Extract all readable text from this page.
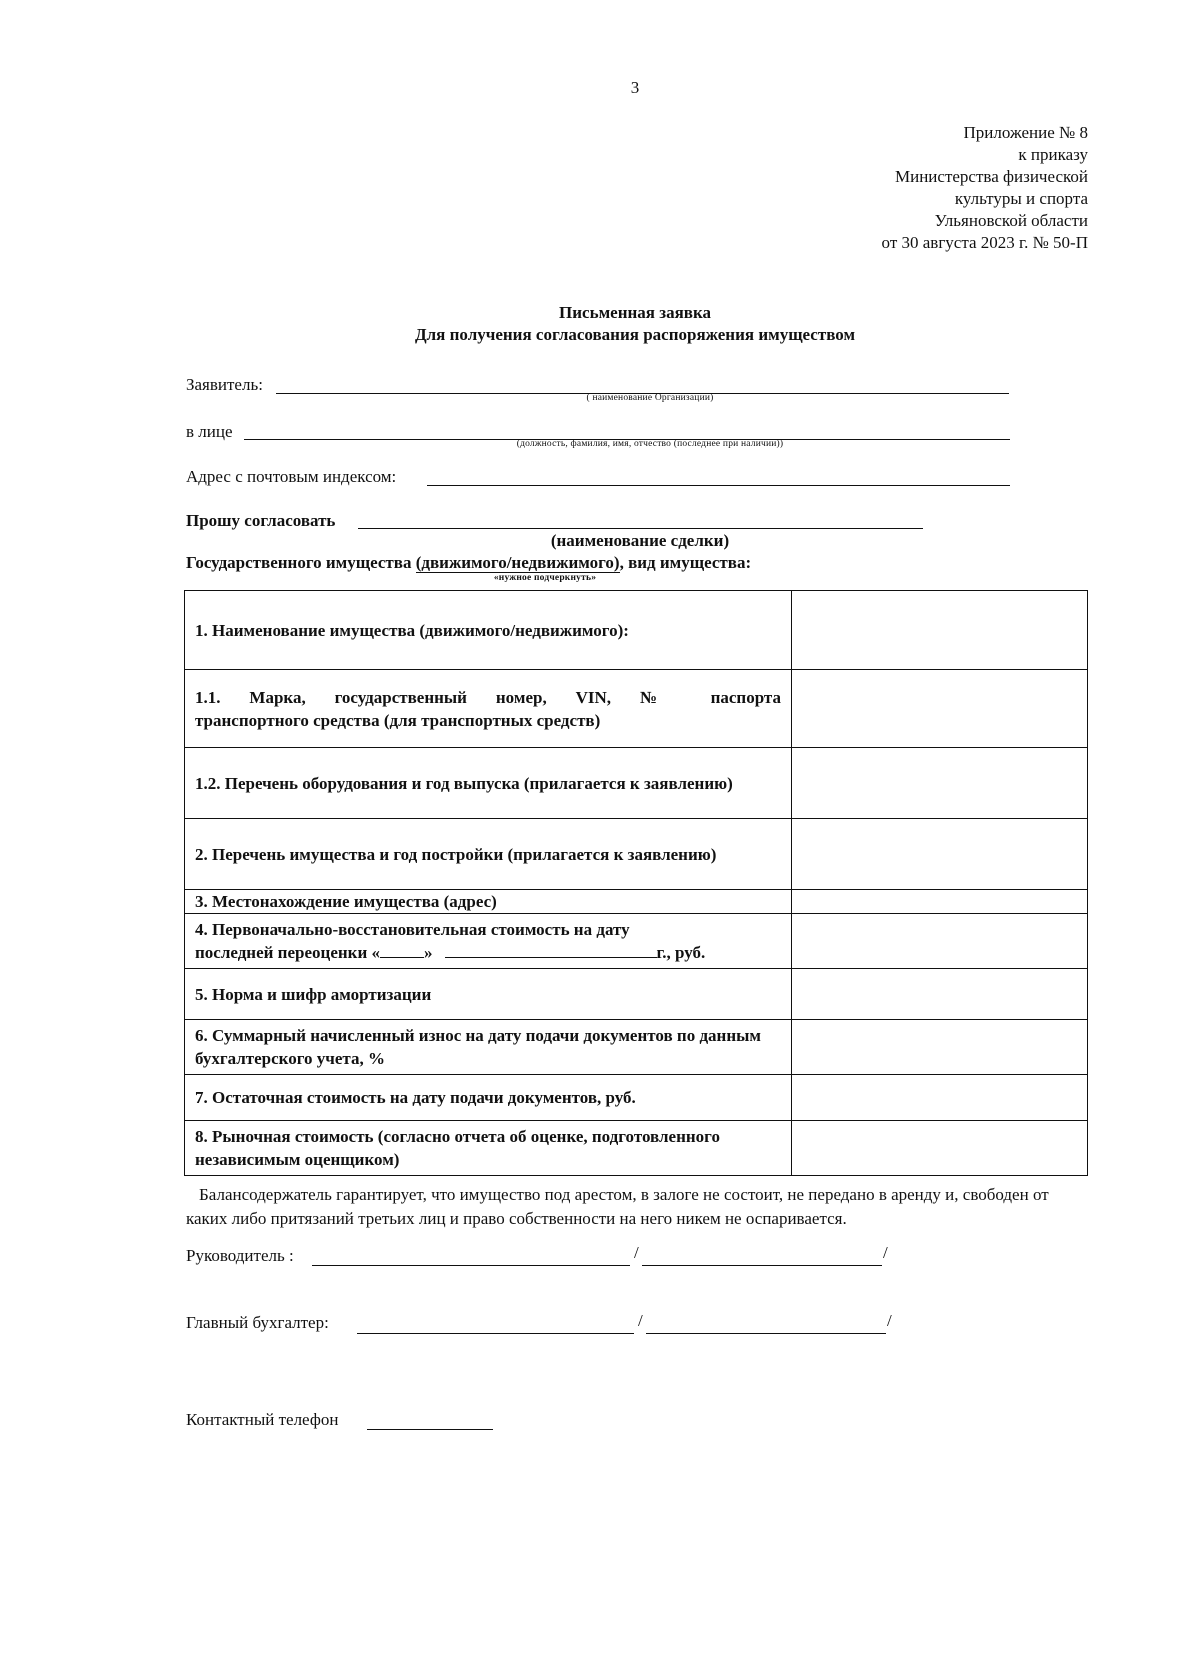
3
Приложение № 8
к приказу
Министерства физической
культуры и спорта
Ульяновской области
от 30 августа 2023 г. № 50-П
Письменная заявка
Для получения согласования распоряжения имуществом
Заявитель:
( наименование Организации)
в лице
(должность, фамилия, имя, отчество (последнее при наличии))
Адрес с почтовым индексом:
Прошу согласовать
(наименование сделки)
Государственного имущества (движимого/недвижимого), вид имущества:
«нужное подчеркнуть»
1. Наименование имущества (движимого/недвижимого):	

1.1. Марка, государственный номер, VIN, № паспорта
транспортного средства (для транспортных средств)	

1.2. Перечень оборудования и год выпуска (прилагается к заявлению)	
2. Перечень имущества и год постройки (прилагается к заявлению)	
3. Местонахождение имущества (адрес)	

4. Первоначально-восстановительная стоимость на дату
последней переоценки « » г., руб.	

5. Норма и шифр амортизации	
6. Суммарный начисленный износ на дату подачи документов по данным бухгалтерского учета, %	
7. Остаточная стоимость на дату подачи документов, руб.	
8. Рыночная стоимость (согласно отчета об оценке, подготовленного независимым оценщиком)	
Балансодержатель гарантирует, что имущество под арестом, в залоге не состоит, не передано в аренду и, свободен от каких либо притязаний третьих лиц и право собственности на него никем не оспаривается.
Руководитель :	/	/
Главный бухгалтер:	/	/
Контактный телефон
